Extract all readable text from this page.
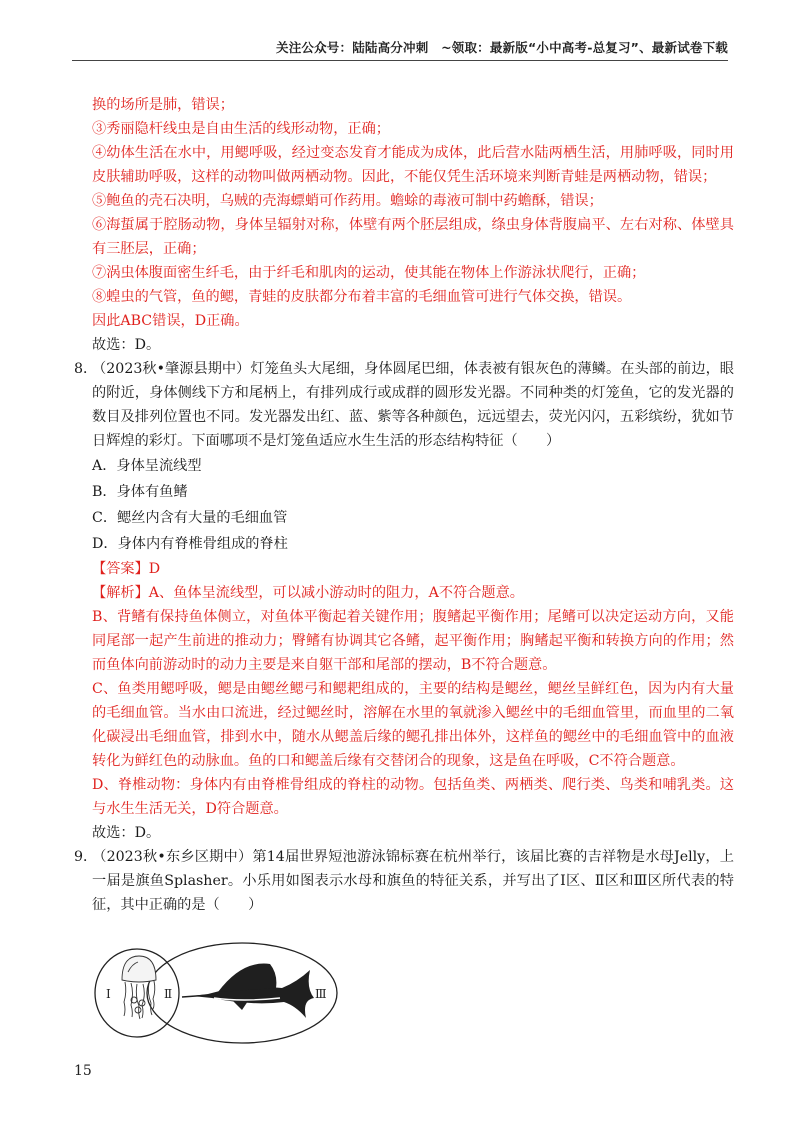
关注公众号：陆陆高分冲刺　~领取：最新版“小中高考-总复习”、最新试卷下载
换的场所是肺，错误；
③秀丽隐杆线虫是自由生活的线形动物，正确；
④幼体生活在水中，用鳃呼吸，经过变态发育才能成为成体，此后营水陆两栖生活，用肺呼吸，同时用
皮肤辅助呼吸，这样的动物叫做两栖动物。因此，不能仅凭生活环境来判断青蛙是两栖动物，错误；
⑤鲍鱼的壳石决明，乌贼的壳海螵蛸可作药用。蟾蜍的毒液可制中药蟾酥，错误；
⑥海蜇属于腔肠动物，身体呈辐射对称，体壁有两个胚层组成，绦虫身体背腹扁平、左右对称、体壁具
有三胚层，正确；
⑦涡虫体腹面密生纤毛，由于纤毛和肌肉的运动，使其能在物体上作游泳状爬行，正确；
⑧蝗虫的气管，鱼的鳃，青蛙的皮肤都分布着丰富的毛细血管可进行气体交换，错误。
因此ABC错误，D正确。
故选：D。
8．（2023秋•肇源县期中）灯笼鱼头大尾细，身体圆尾巴细，体表被有银灰色的薄鳞。在头部的前边，眼
的附近，身体侧线下方和尾柄上，有排列成行或成群的圆形发光器。不同种类的灯笼鱼，它的发光器的
数目及排列位置也不同。发光器发出红、蓝、紫等各种颜色，远远望去，荧光闪闪，五彩缤纷，犹如节
日辉煌的彩灯。下面哪项不是灯笼鱼适应水生生活的形态结构特征（　　）
A．身体呈流线型
B．身体有鱼鳍
C．鳃丝内含有大量的毛细血管
D．身体内有脊椎骨组成的脊柱
【答案】D
【解析】A、鱼体呈流线型，可以减小游动时的阻力，A不符合题意。
B、背鳍有保持鱼体侧立，对鱼体平衡起着关键作用；腹鳍起平衡作用；尾鳍可以决定运动方向，又能
同尾部一起产生前进的推动力；臀鳍有协调其它各鳍，起平衡作用；胸鳍起平衡和转换方向的作用；然
而鱼体向前游动时的动力主要是来自躯干部和尾部的摆动，B不符合题意。
C、鱼类用鳃呼吸，鳃是由鳃丝鳃弓和鳃耙组成的，主要的结构是鳃丝，鳃丝呈鲜红色，因为内有大量
的毛细血管。当水由口流进，经过鳃丝时，溶解在水里的氧就渗入鳃丝中的毛细血管里，而血里的二氧
化碳浸出毛细血管，排到水中，随水从鳃盖后缘的鳃孔排出体外，这样鱼的鳃丝中的毛细血管中的血液
转化为鲜红色的动脉血。鱼的口和鳃盖后缘有交替闭合的现象，这是鱼在呼吸，C不符合题意。
D、脊椎动物：身体内有由脊椎骨组成的脊柱的动物。包括鱼类、两栖类、爬行类、鸟类和哺乳类。这
与水生生活无关，D符合题意。
故选：D。
9．（2023秋•东乡区期中）第14届世界短池游泳锦标赛在杭州举行，该届比赛的吉祥物是水母Jelly，上
一届是旗鱼Splasher。小乐用如图表示水母和旗鱼的特征关系，并写出了Ⅰ区、Ⅱ区和Ⅲ区所代表的特
征，其中正确的是（　　）
Ⅰ	Ⅱ	Ⅲ
15
